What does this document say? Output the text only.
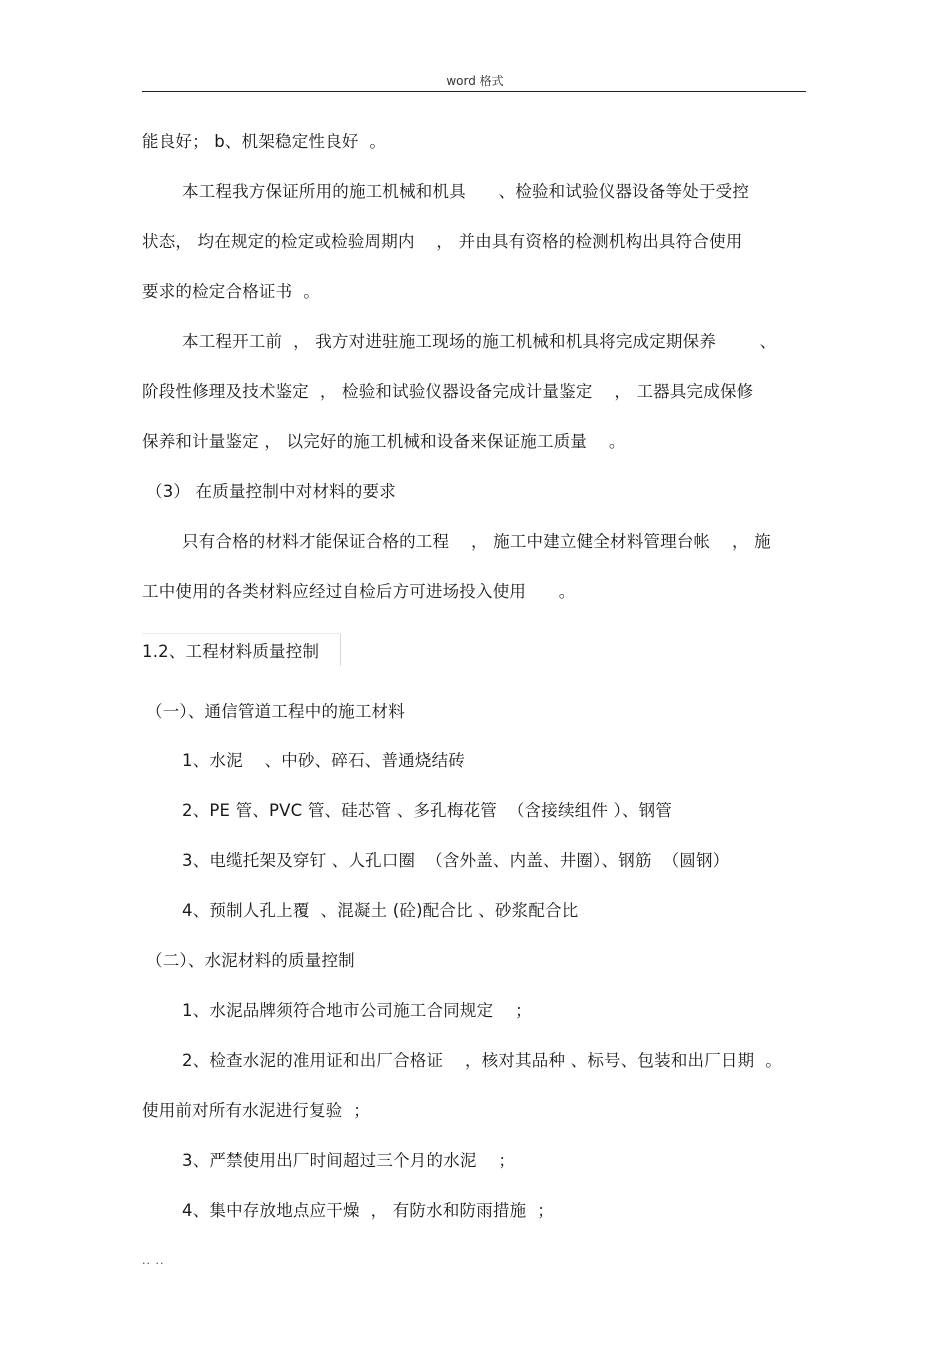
word 格式
能良好； b、机架稳定性良好  。
本工程我方保证所用的施工机械和机具      、检验和试验仪器设备等处于受控
状态， 均在规定的检定或检验周期内    ， 并由具有资格的检测机构出具符合使用
要求的检定合格证书  。
本工程开工前  ， 我方对进驻施工现场的施工机械和机具将完成定期保养        、
阶段性修理及技术鉴定  ， 检验和试验仪器设备完成计量鉴定    ， 工器具完成保修
保养和计量鉴定 ， 以完好的施工机械和设备来保证施工质量    。
（3） 在质量控制中对材料的要求
只有合格的材料才能保证合格的工程    ， 施工中建立健全材料管理台帐    ， 施
工中使用的各类材料应经过自检后方可进场投入使用      。
1.2、工程材料质量控制
（一）、通信管道工程中的施工材料
1、水泥    、中砂、碎石、普通烧结砖
2、PE 管、PVC 管、硅芯管 、多孔梅花管  （含接续组件 ）、钢管
3、电缆托架及穿钉 、人孔口圈  （含外盖、内盖、井圈）、钢筋  （圆钢）
4、预制人孔上覆  、混凝土 (砼)配合比 、砂浆配合比
（二）、水泥材料的质量控制
1、水泥品牌须符合地市公司施工合同规定    ；
2、检查水泥的准用证和出厂合格证    ，核对其品种 、标号、包装和出厂日期  。
使用前对所有水泥进行复验  ；
3、严禁使用出厂时间超过三个月的水泥    ；
4、集中存放地点应干燥  ， 有防水和防雨措施  ；
.. ..
